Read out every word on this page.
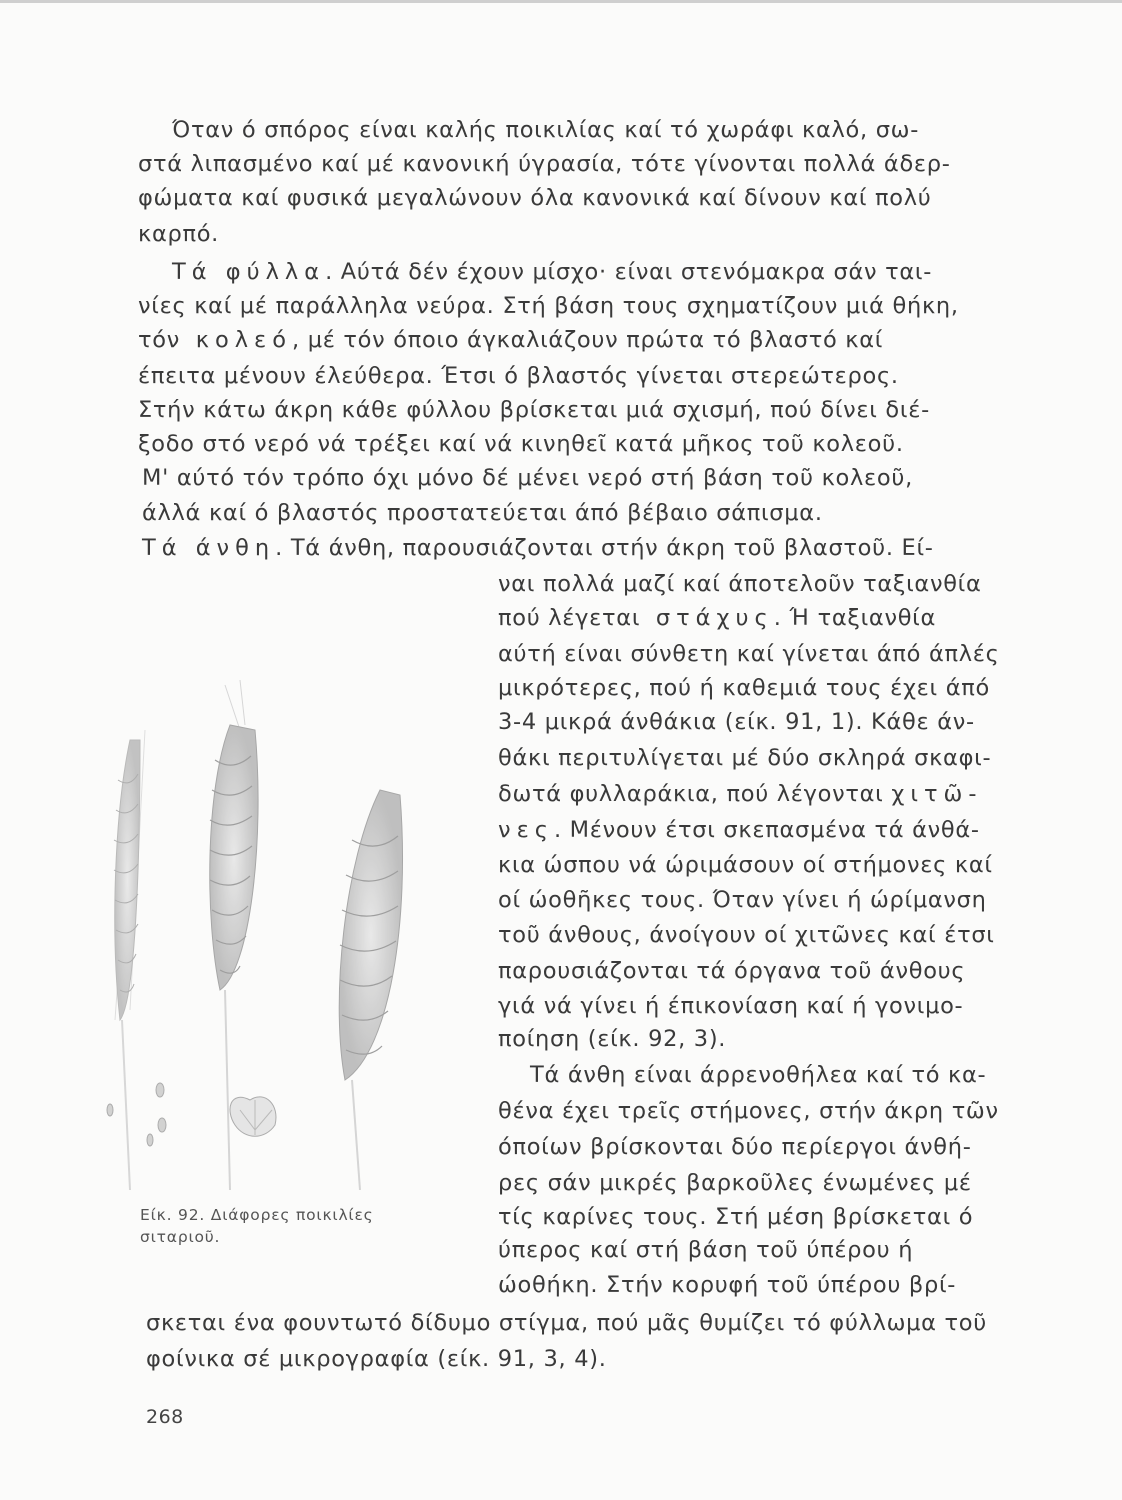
Όταν ό σπόρος είναι καλής ποικιλίας καί τό χωράφι καλό, σω-
στά λιπασμένο καί μέ κανονική ύγρασία, τότε γίνονται πολλά άδερ-
φώματα καί φυσικά μεγαλώνουν όλα κανονικά καί δίνουν καί πολύ
καρπό.
Τά φύλλα. Αύτά δέν έχουν μίσχο· είναι στενόμακρα σάν ται-
νίες καί μέ παράλληλα νεύρα. Στή βάση τους σχηματίζουν μιά θήκη,
τόν κολεό, μέ τόν όποιο άγκαλιάζουν πρώτα τό βλαστό καί
έπειτα μένουν έλεύθερα. Έτσι ό βλαστός γίνεται στερεώτερος.
Στήν κάτω άκρη κάθε φύλλου βρίσκεται μιά σχισμή, πού δίνει διέ-
ξοδο στό νερό νά τρέξει καί νά κινηθεῖ κατά μῆκος τοῦ κολεοῦ.
Μ' αύτό τόν τρόπο όχι μόνο δέ μένει νερό στή βάση τοῦ κολεοῦ,
άλλά καί ό βλαστός προστατεύεται άπό βέβαιο σάπισμα.
Τά άνθη. Τά άνθη, παρουσιάζονται στήν άκρη τοῦ βλαστοῦ. Εί-
ναι πολλά μαζί καί άποτελοῦν ταξιανθία
πού λέγεται στάχυς. Ή ταξιανθία
αύτή είναι σύνθετη καί γίνεται άπό άπλές
μικρότερες, πού ή καθεμιά τους έχει άπό
3-4 μικρά άνθάκια (είκ. 91, 1). Κάθε άν-
θάκι περιτυλίγεται μέ δύο σκληρά σκαφι-
δωτά φυλλαράκια, πού λέγονται χιτῶ-
νες. Μένουν έτσι σκεπασμένα τά άνθά-
κια ώσπου νά ώριμάσουν οί στήμονες καί
οί ώοθῆκες τους. Όταν γίνει ή ώρίμανση
τοῦ άνθους, άνοίγουν οί χιτῶνες καί έτσι
παρουσιάζονται τά όργανα τοῦ άνθους
γιά νά γίνει ή έπικονίαση καί ή γονιμο-
ποίηση (είκ. 92, 3).
Τά άνθη είναι άρρενοθήλεα καί τό κα-
θένα έχει τρεῖς στήμονες, στήν άκρη τῶν
όποίων βρίσκονται δύο περίεργοι άνθή-
ρες σάν μικρές βαρκοῦλες ένωμένες μέ
τίς καρίνες τους. Στή μέση βρίσκεται ό
ύπερος καί στή βάση τοῦ ύπέρου ή
ώοθήκη. Στήν κορυφή τοῦ ύπέρου βρί-
σκεται ένα φουντωτό δίδυμο στίγμα, πού μᾶς θυμίζει τό φύλλωμα τοῦ
φοίνικα σέ μικρογραφία (είκ. 91, 3, 4).
Είκ. 92. Διάφορες ποικιλίες
σιταριοῦ.
268
